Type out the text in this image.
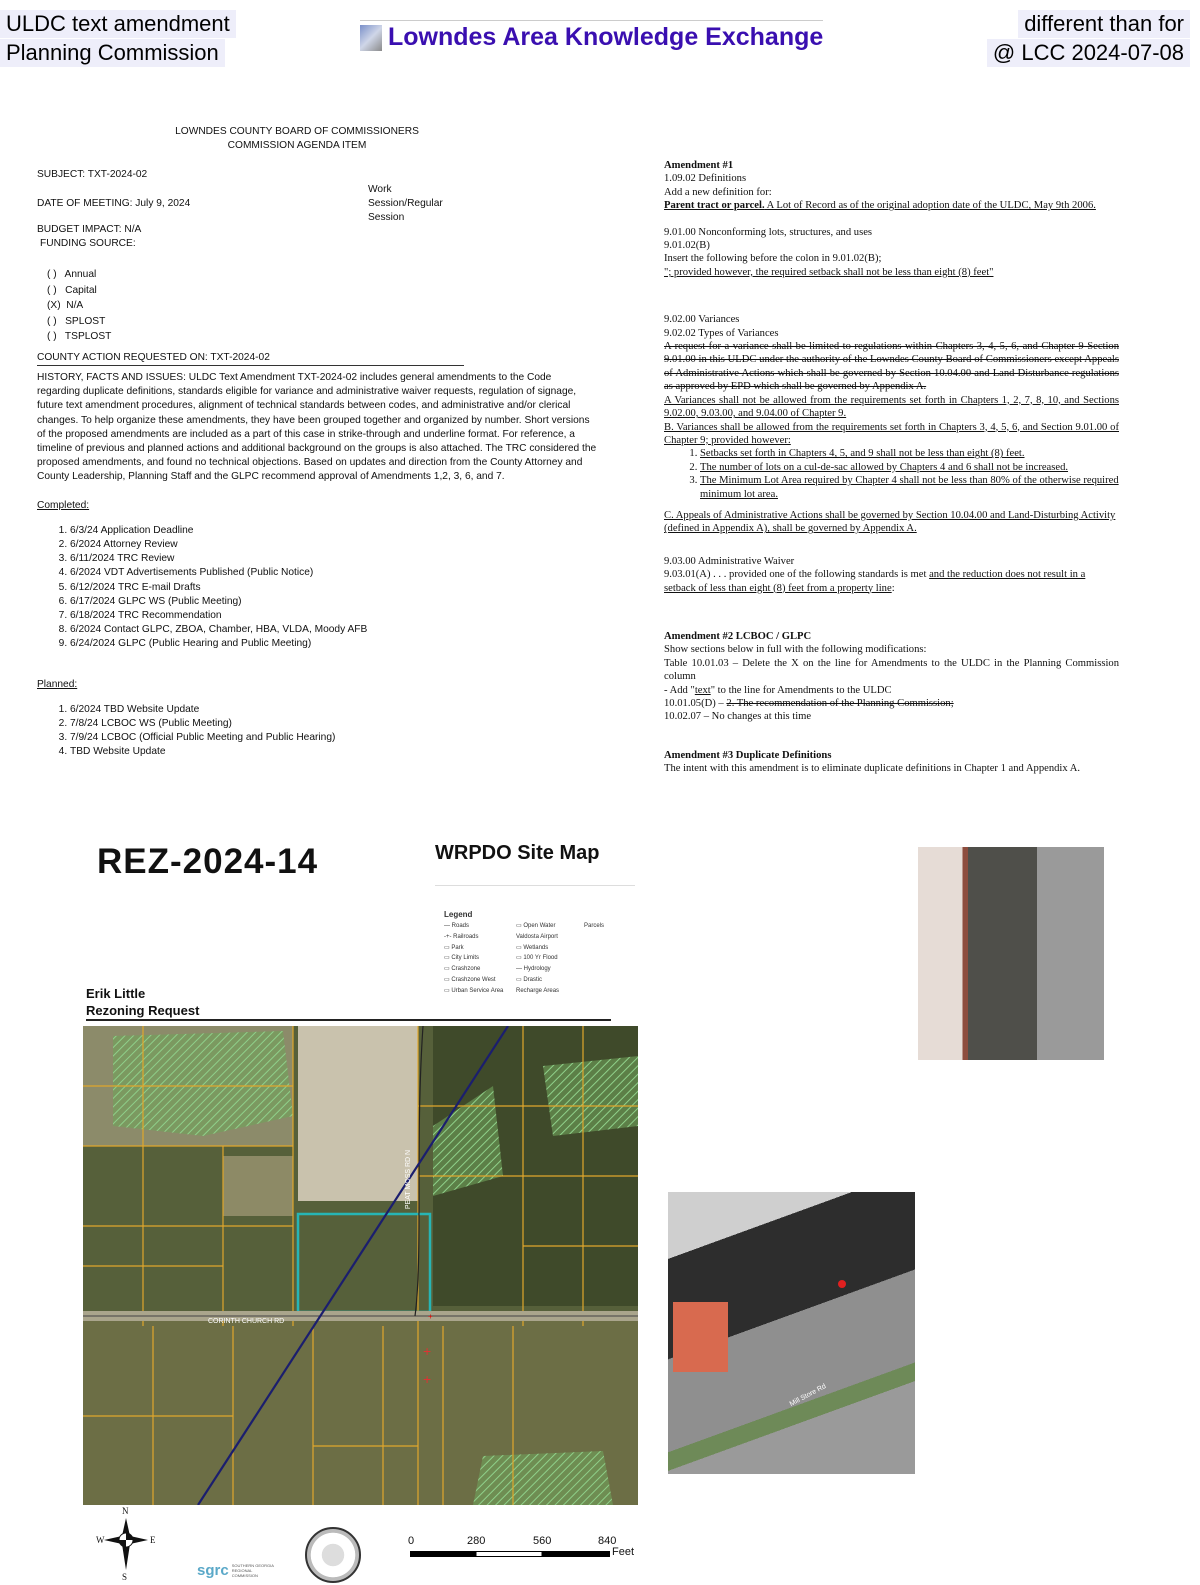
ULDC text amendment
Planning Commission
Lowndes Area Knowledge Exchange	different than for
@ LCC 2024-07-08

LOWNDES COUNTY BOARD OF COMMISSIONERS

COMMISSION AGENDA ITEM

SUBJECT: TXT-2024-02

DATE OF MEETING: July 9, 2024

Work

Session/Regular

Session

BUDGET IMPACT: N/A

FUNDING SOURCE:

( )   Annual
( )   Capital
(X)  N/A
( )   SPLOST
( )   TSPLOST

COUNTY ACTION REQUESTED ON: TXT-2024-02

HISTORY, FACTS AND ISSUES: ULDC Text Amendment TXT-2024-02 includes general amendments to the Code regarding duplicate definitions, standards eligible for variance and administrative waiver requests, regulation of signage, future text amendment procedures, alignment of technical standards between codes, and administrative and/or clerical changes. To help organize these amendments, they have been grouped together and organized by number. Short versions of the proposed amendments are included as a part of this case in strike-through and underline format. For reference, a timeline of previous and planned actions and additional background on the groups is also attached. The TRC considered the proposed amendments, and found no technical objections. Based on updates and direction from the County Attorney and County Leadership, Planning Staff and the GLPC recommend approval of Amendments 1,2, 3, 6, and 7.

Completed:

1. 6/3/24 Application Deadline
2. 6/2024 Attorney Review
3. 6/11/2024 TRC Review
4. 6/2024 VDT Advertisements Published (Public Notice)
5. 6/12/2024 TRC E-mail Drafts
6. 6/17/2024 GLPC WS (Public Meeting)
7. 6/18/2024 TRC Recommendation
8. 6/2024 Contact GLPC, ZBOA, Chamber, HBA, VLDA, Moody AFB
9. 6/24/2024 GLPC (Public Hearing and Public Meeting)

Planned:

1. 6/2024 TBD Website Update
2. 7/8/24 LCBOC WS (Public Meeting)
3. 7/9/24 LCBOC (Official Public Meeting and Public Hearing)
4. TBD Website Update

Amendment #1

1.09.02 Definitions

Add a new definition for:

Parent tract or parcel. A Lot of Record as of the original adoption date of the ULDC, May 9th 2006.

9.01.00 Nonconforming lots, structures, and uses

9.01.02(B)

Insert the following before the colon in 9.01.02(B);

"; provided however, the required setback shall not be less than eight (8) feet"

9.02.00 Variances

9.02.02 Types of Variances

A request for a variance shall be limited to regulations within Chapters 3, 4, 5, 6, and Chapter 9 Section 9.01.00 in this ULDC under the authority of the Lowndes County Board of Commissioners except Appeals of Administrative Actions which shall be governed by Section 10.04.00 and Land Disturbance regulations as approved by EPD which shall be governed by Appendix A.

A Variances shall not be allowed from the requirements set forth in Chapters 1, 2, 7, 8, 10, and Sections 9.02.00, 9.03.00, and 9.04.00 of Chapter 9.

B. Variances shall be allowed from the requirements set forth in Chapters 3, 4, 5, 6, and Section 9.01.00 of Chapter 9; provided however:

1. Setbacks set forth in Chapters 4, 5, and 9 shall not be less than eight (8) feet.
2. The number of lots on a cul-de-sac allowed by Chapters 4 and 6 shall not be increased.
3. The Minimum Lot Area required by Chapter 4 shall not be less than 80% of the otherwise required minimum lot area.

C. Appeals of Administrative Actions shall be governed by Section 10.04.00 and Land-Disturbing Activity (defined in Appendix A), shall be governed by Appendix A.

9.03.00 Administrative Waiver

9.03.01(A) . . . provided one of the following standards is met and the reduction does not result in a setback of less than eight (8) feet from a property line:

Amendment #2 LCBOC / GLPC

Show sections below in full with the following modifications:

Table 10.01.03 – Delete the X on the line for Amendments to the ULDC in the Planning Commission column

- Add "text" to the line for Amendments to the ULDC

10.01.05(D) – 2. The recommendation of the Planning Commission;

10.02.07 – No changes at this time

Amendment #3 Duplicate Definitions

The intent with this amendment is to eliminate duplicate definitions in Chapter 1 and Appendix A.

REZ-2024-14	WRPDO Site Map
Legend
— Roads
-+- Railroads
▭ Park
▭ City Limits
▭ Crashzone
▭ Crashzone West
▭ Urban Service Area
▭ Open Water
Valdosta Airport
▭ Wetlands
▭ 100 Yr Flood
— Hydrology
▭ Drastic
Recharge Areas
Parcels
Erik Little
Rezoning Request
+
+
+
CORINTH CHURCH RD
PEAT MOSS RD N
N
S
W	E
sgrc SOUTHERN GEORGIA REGIONAL COMMISSION
0	280	560	840
Feet
Mill Store Rd
